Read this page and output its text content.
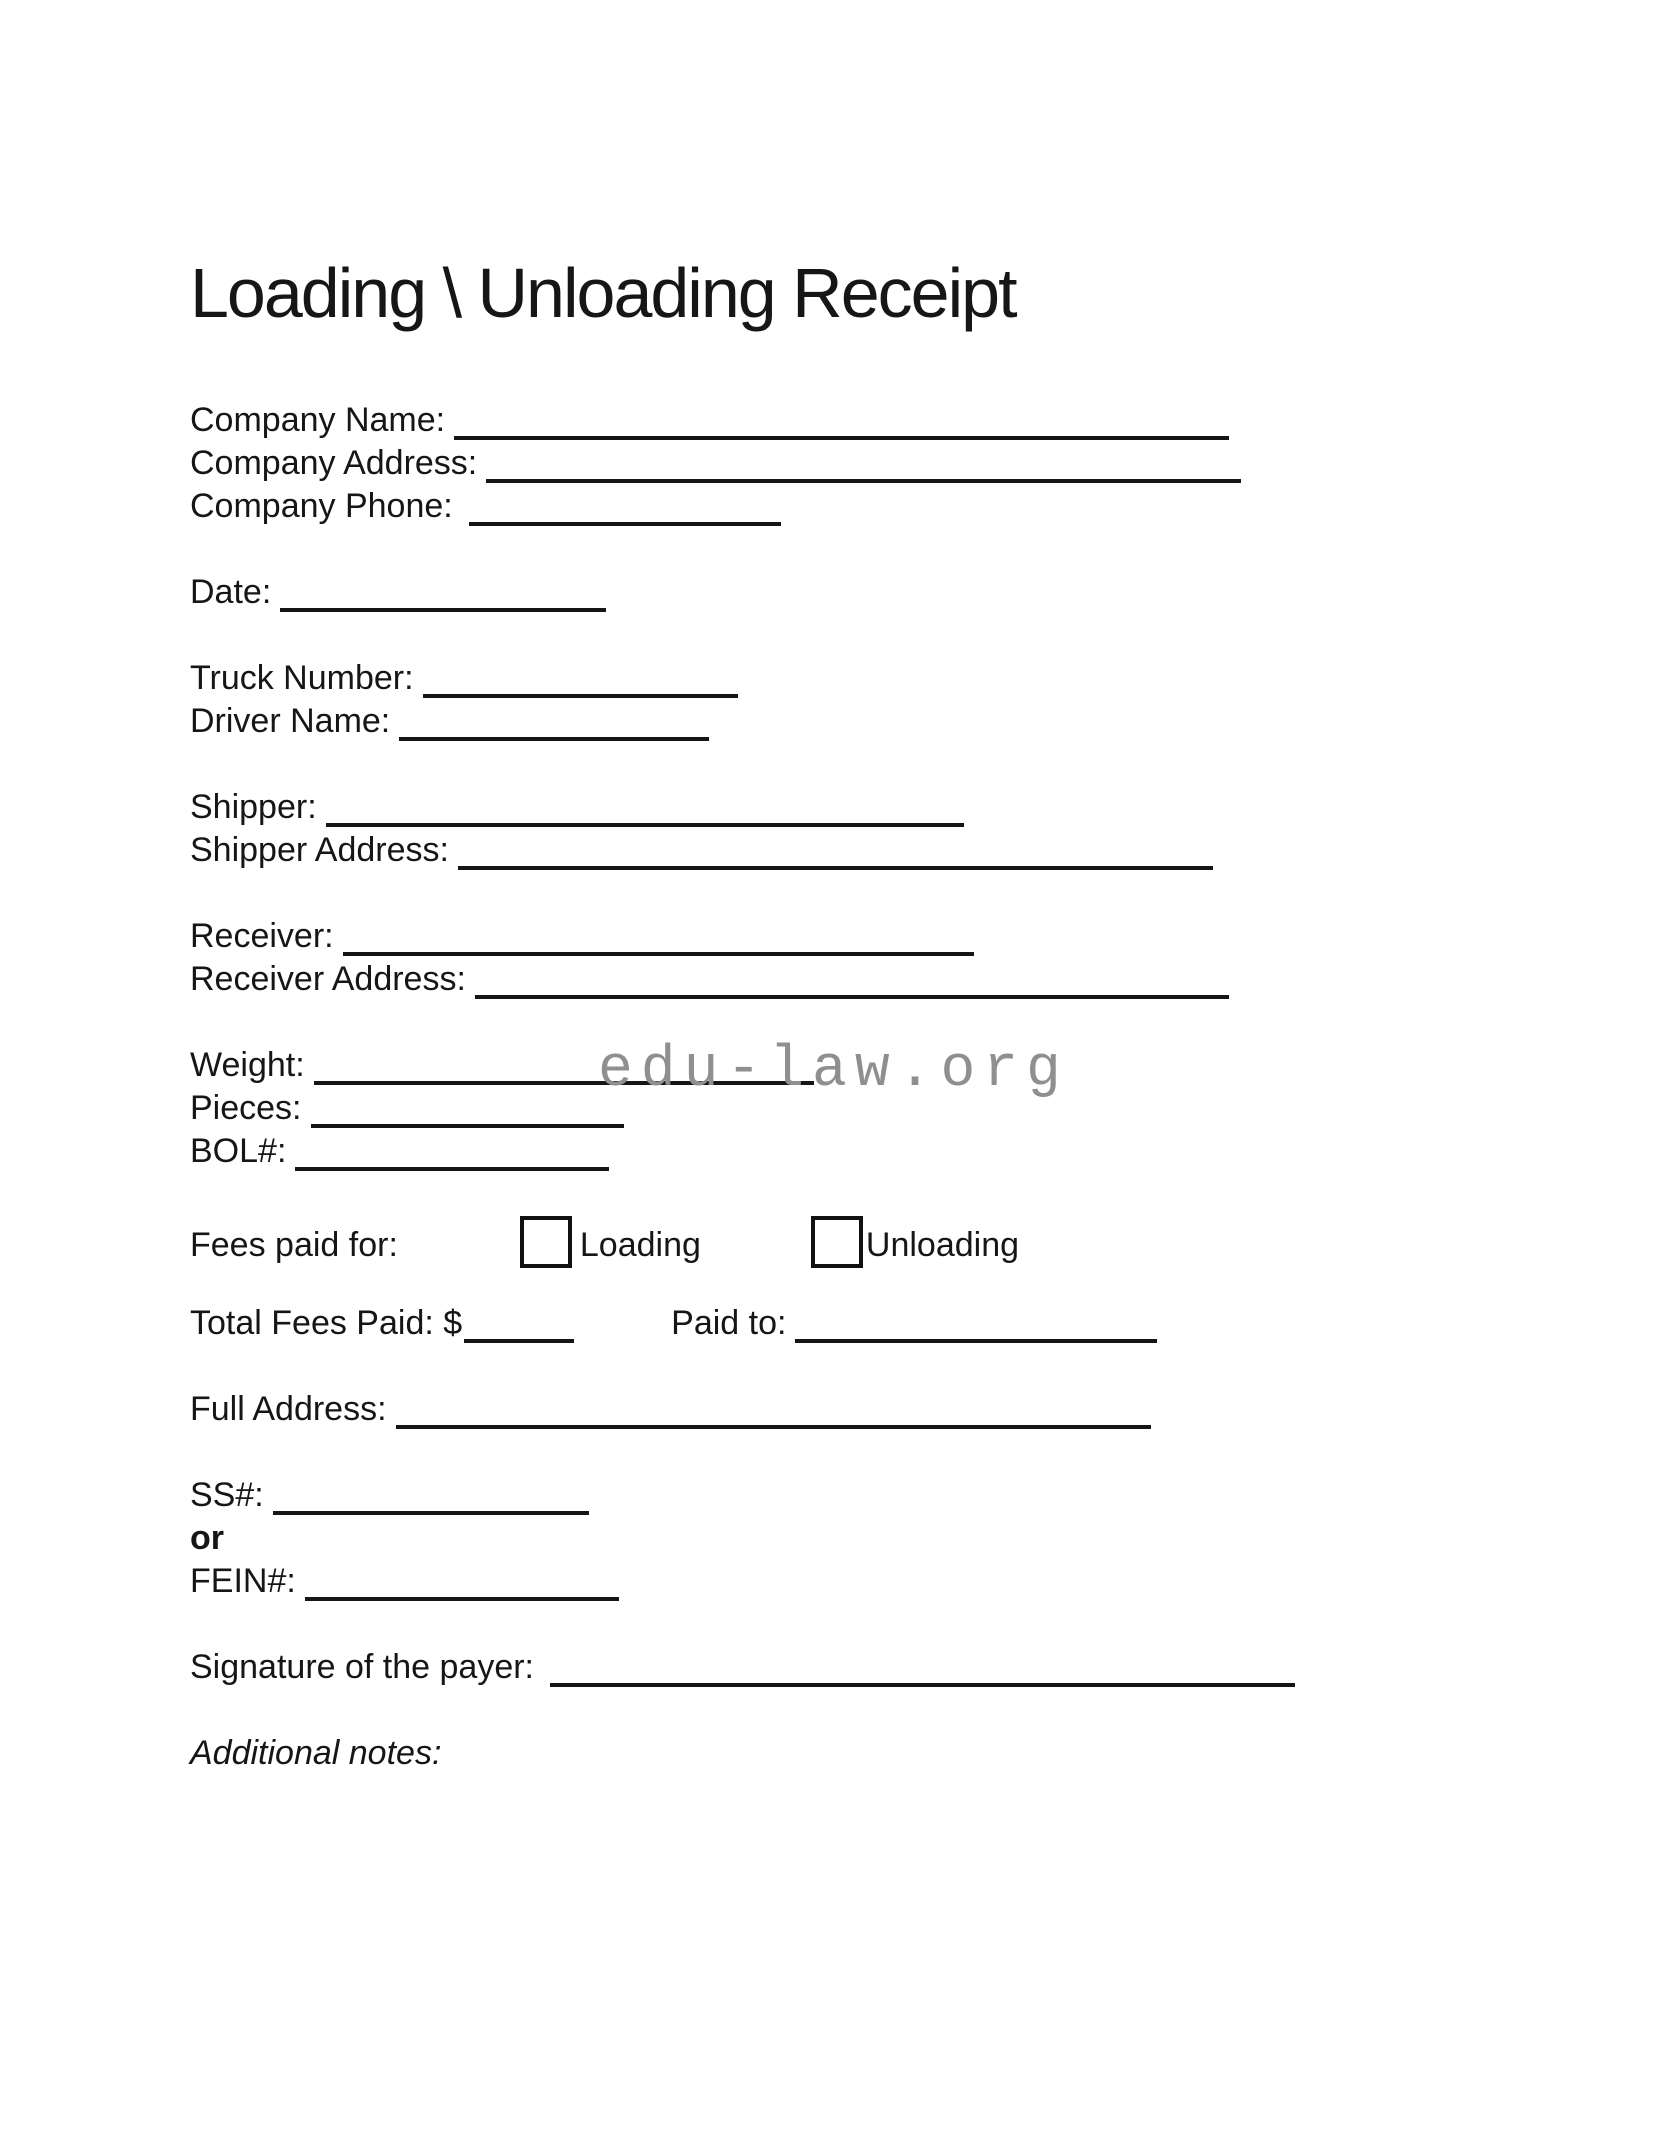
Loading \ Unloading Receipt
edu-law.org
Company Name:
Company Address:
Company Phone:
Date:
Truck Number:
Driver Name:
Shipper:
Shipper Address:
Receiver:
Receiver Address:
Weight:
Pieces:
BOL#:
Fees paid for:	Loading	Unloading
Total Fees Paid: $	Paid to:
Full Address:
SS#:
or
FEIN#:
Signature of the payer:
Additional notes:
